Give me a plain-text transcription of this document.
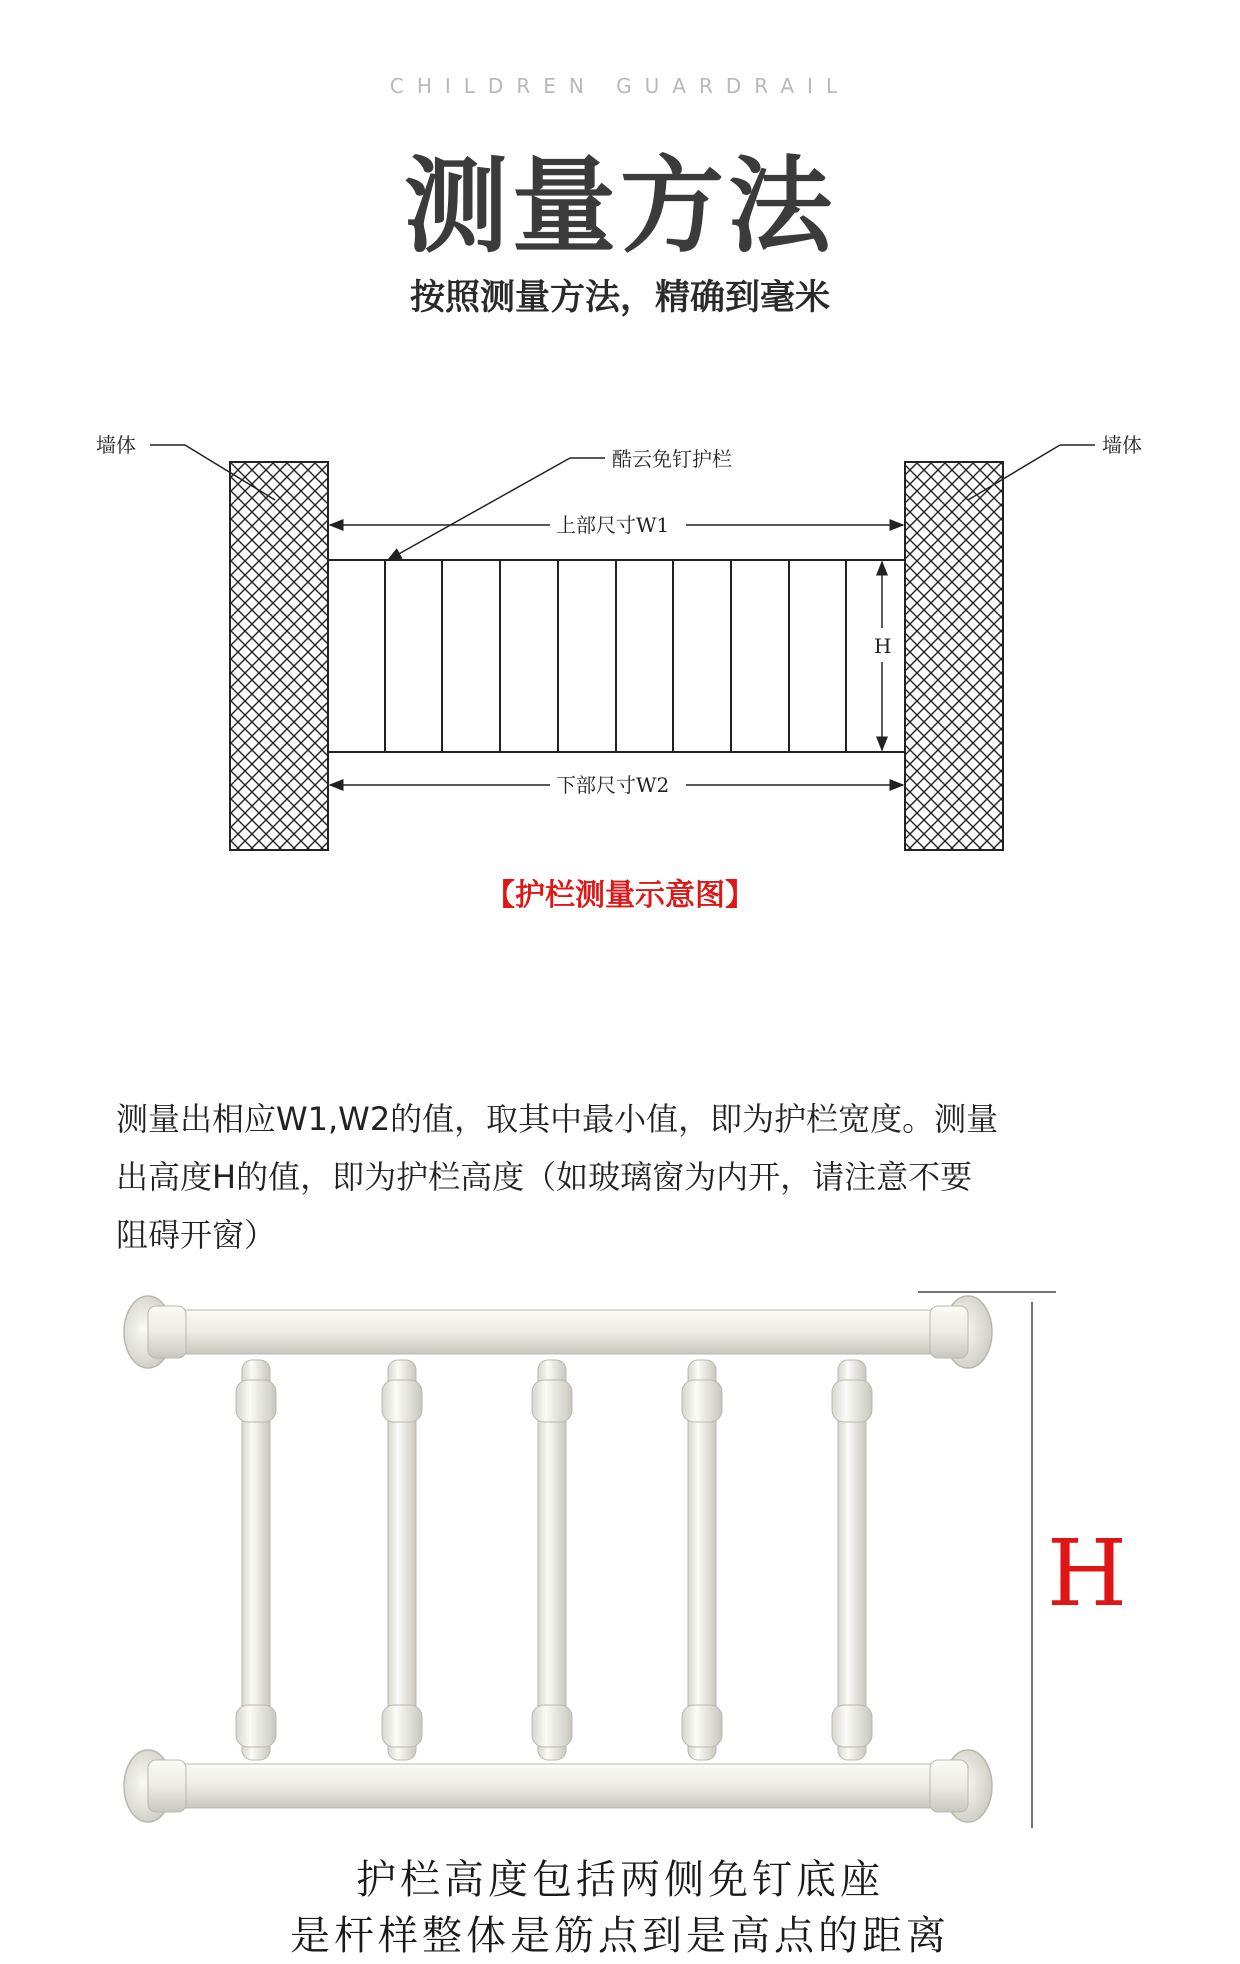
CHILDREN GUARDRAIL
测量方法
按照测量方法，精确到毫米
墙体	墙体
酷云免钉护栏
上部尺寸W1
下部尺寸W2
H
【护栏测量示意图】

测量出相应W1,W2的值，取其中最小值，即为护栏宽度。测量

出高度H的值，即为护栏高度（如玻璃窗为内开，请注意不要

阻碍开窗）

H
护栏高度包括两侧免钉底座
是杆样整体是筋点到是高点的距离
